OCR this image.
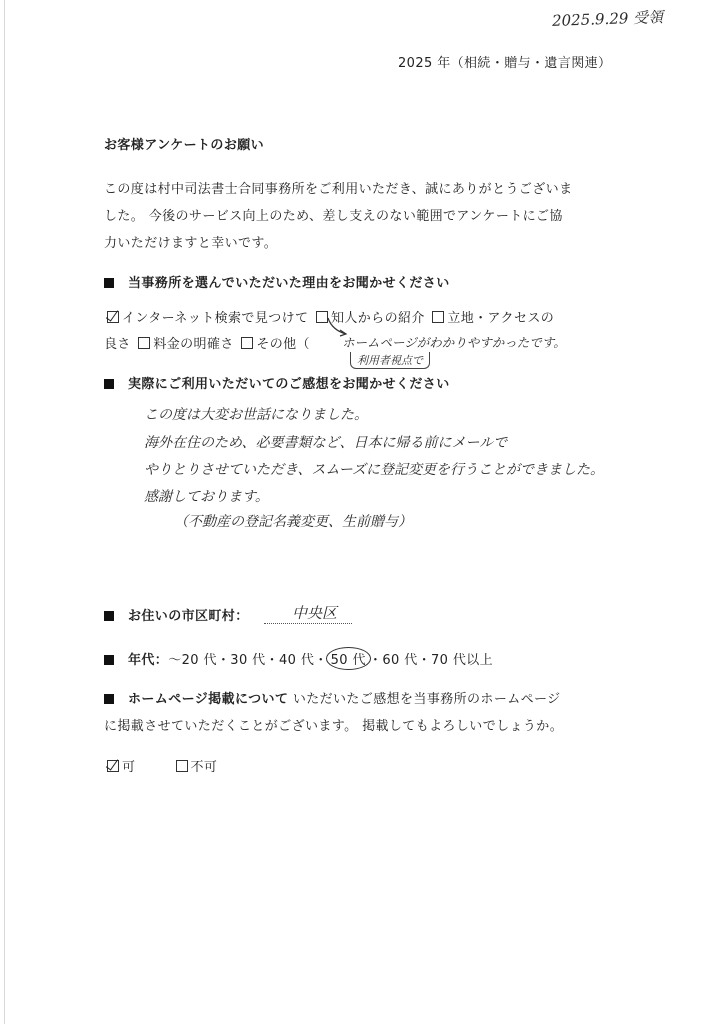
2025.9.29 受領
2025 年（相続・贈与・遺言関連）
お客様アンケートのお願い
この度は村中司法書士合同事務所をご利用いただき、誠にありがとうございま
した。 今後のサービス向上のため、差し支えのない範囲でアンケートにご協
力いただけますと幸いです。
当事務所を選んでいただいた理由をお聞かせください
インターネット検索で見つけて 知人からの紹介 立地・アクセスの
良さ 料金の明確さ その他（	ホームページがわかりやすかったです。
利用者視点で
実際にご利用いただいてのご感想をお聞かせください
この度は大変お世話になりました。
海外在住のため、必要書類など、日本に帰る前にメールで
やりとりさせていただき、スムーズに登記変更を行うことができました。
感謝しております。
（不動産の登記名義変更、生前贈与）
お住いの市区町村：	中央区
年代：～20 代・30 代・40 代・ 50 代 ・60 代・70 代以上
ホームページ掲載について いただいたご感想を当事務所のホームページ
に掲載させていただくことがございます。 掲載してもよろしいでしょうか。
可	不可
